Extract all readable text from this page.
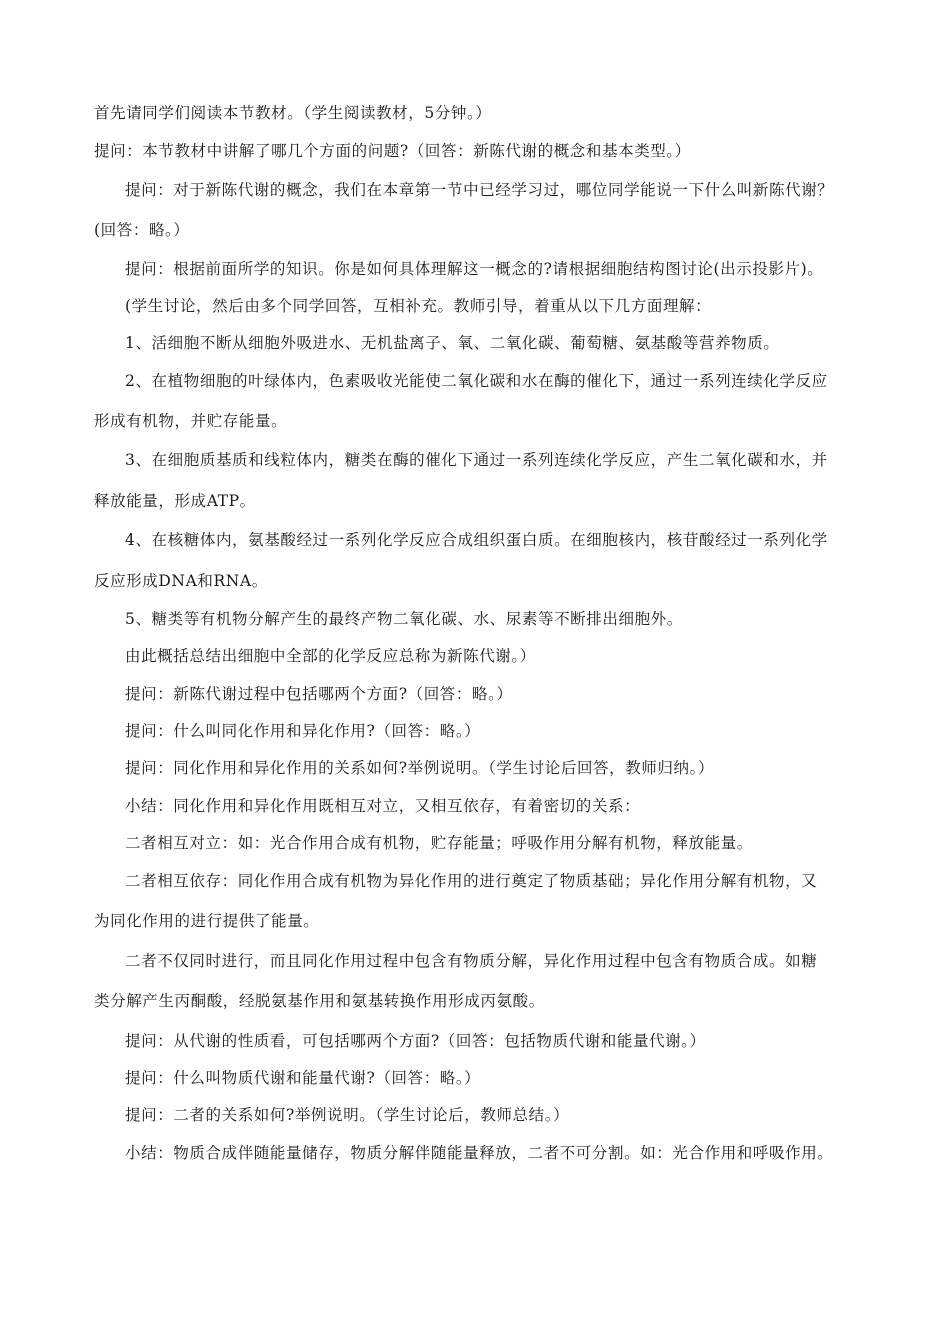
首先请同学们阅读本节教材。（学生阅读教材，5分钟。）
提问：本节教材中讲解了哪几个方面的问题?（回答：新陈代谢的概念和基本类型。）
提问：对于新陈代谢的概念，我们在本章第一节中已经学习过，哪位同学能说一下什么叫新陈代谢？
(回答：略。）
提问：根据前面所学的知识。你是如何具体理解这一概念的?请根据细胞结构图讨论(出示投影片)。
(学生讨论，然后由多个同学回答，互相补充。教师引导，着重从以下几方面理解：
1、活细胞不断从细胞外吸进水、无机盐离子、氧、二氧化碳、葡萄糖、氨基酸等营养物质。
2、在植物细胞的叶绿体内，色素吸收光能使二氧化碳和水在酶的催化下，通过一系列连续化学反应
形成有机物，并贮存能量。
3、在细胞质基质和线粒体内，糖类在酶的催化下通过一系列连续化学反应，产生二氧化碳和水，并
释放能量，形成ATP。
4、在核糖体内，氨基酸经过一系列化学反应合成组织蛋白质。在细胞核内，核苷酸经过一系列化学
反应形成DNA和RNA。
5、糖类等有机物分解产生的最终产物二氧化碳、水、尿素等不断排出细胞外。
由此概括总结出细胞中全部的化学反应总称为新陈代谢。）
提问：新陈代谢过程中包括哪两个方面?（回答：略。）
提问：什么叫同化作用和异化作用?（回答：略。）
提问：同化作用和异化作用的关系如何?举例说明。（学生讨论后回答，教师归纳。）
小结：同化作用和异化作用既相互对立，又相互依存，有着密切的关系：
二者相互对立：如：光合作用合成有机物，贮存能量；呼吸作用分解有机物，释放能量。
二者相互依存：同化作用合成有机物为异化作用的进行奠定了物质基础；异化作用分解有机物，又
为同化作用的进行提供了能量。
二者不仅同时进行，而且同化作用过程中包含有物质分解，异化作用过程中包含有物质合成。如糖
类分解产生丙酮酸，经脱氨基作用和氨基转换作用形成丙氨酸。
提问：从代谢的性质看，可包括哪两个方面?（回答：包括物质代谢和能量代谢。）
提问：什么叫物质代谢和能量代谢?（回答：略。）
提问：二者的关系如何?举例说明。（学生讨论后，教师总结。）
小结：物质合成伴随能量储存，物质分解伴随能量释放，二者不可分割。如：光合作用和呼吸作用。
